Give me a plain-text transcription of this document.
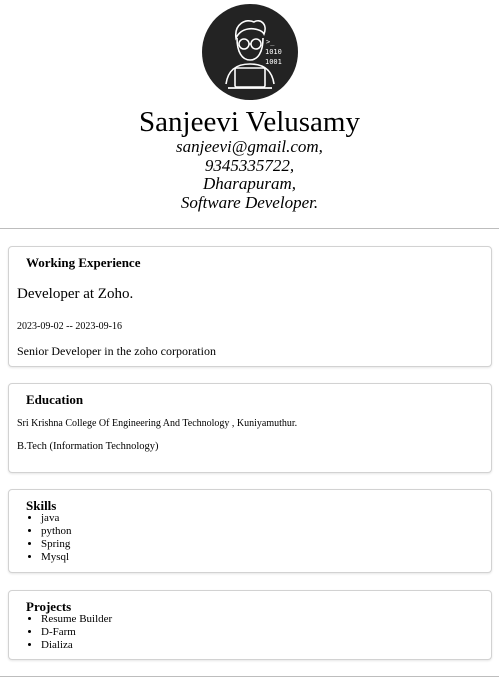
>_
1010
1001
Sanjeevi Velusamy
sanjeevi@gmail.com,
9345335722,
Dharapuram,
Software Developer.
Working Experience
Developer at Zoho.
2023-09-02 -- 2023-09-16
Senior Developer in the zoho corporation
Education
Sri Krishna College Of Engineering And Technology , Kuniyamuthur.
B.Tech (Information Technology)
Skills
• java
• python
• Spring
• Mysql
Projects
• Resume Builder
• D-Farm
• Dializa
